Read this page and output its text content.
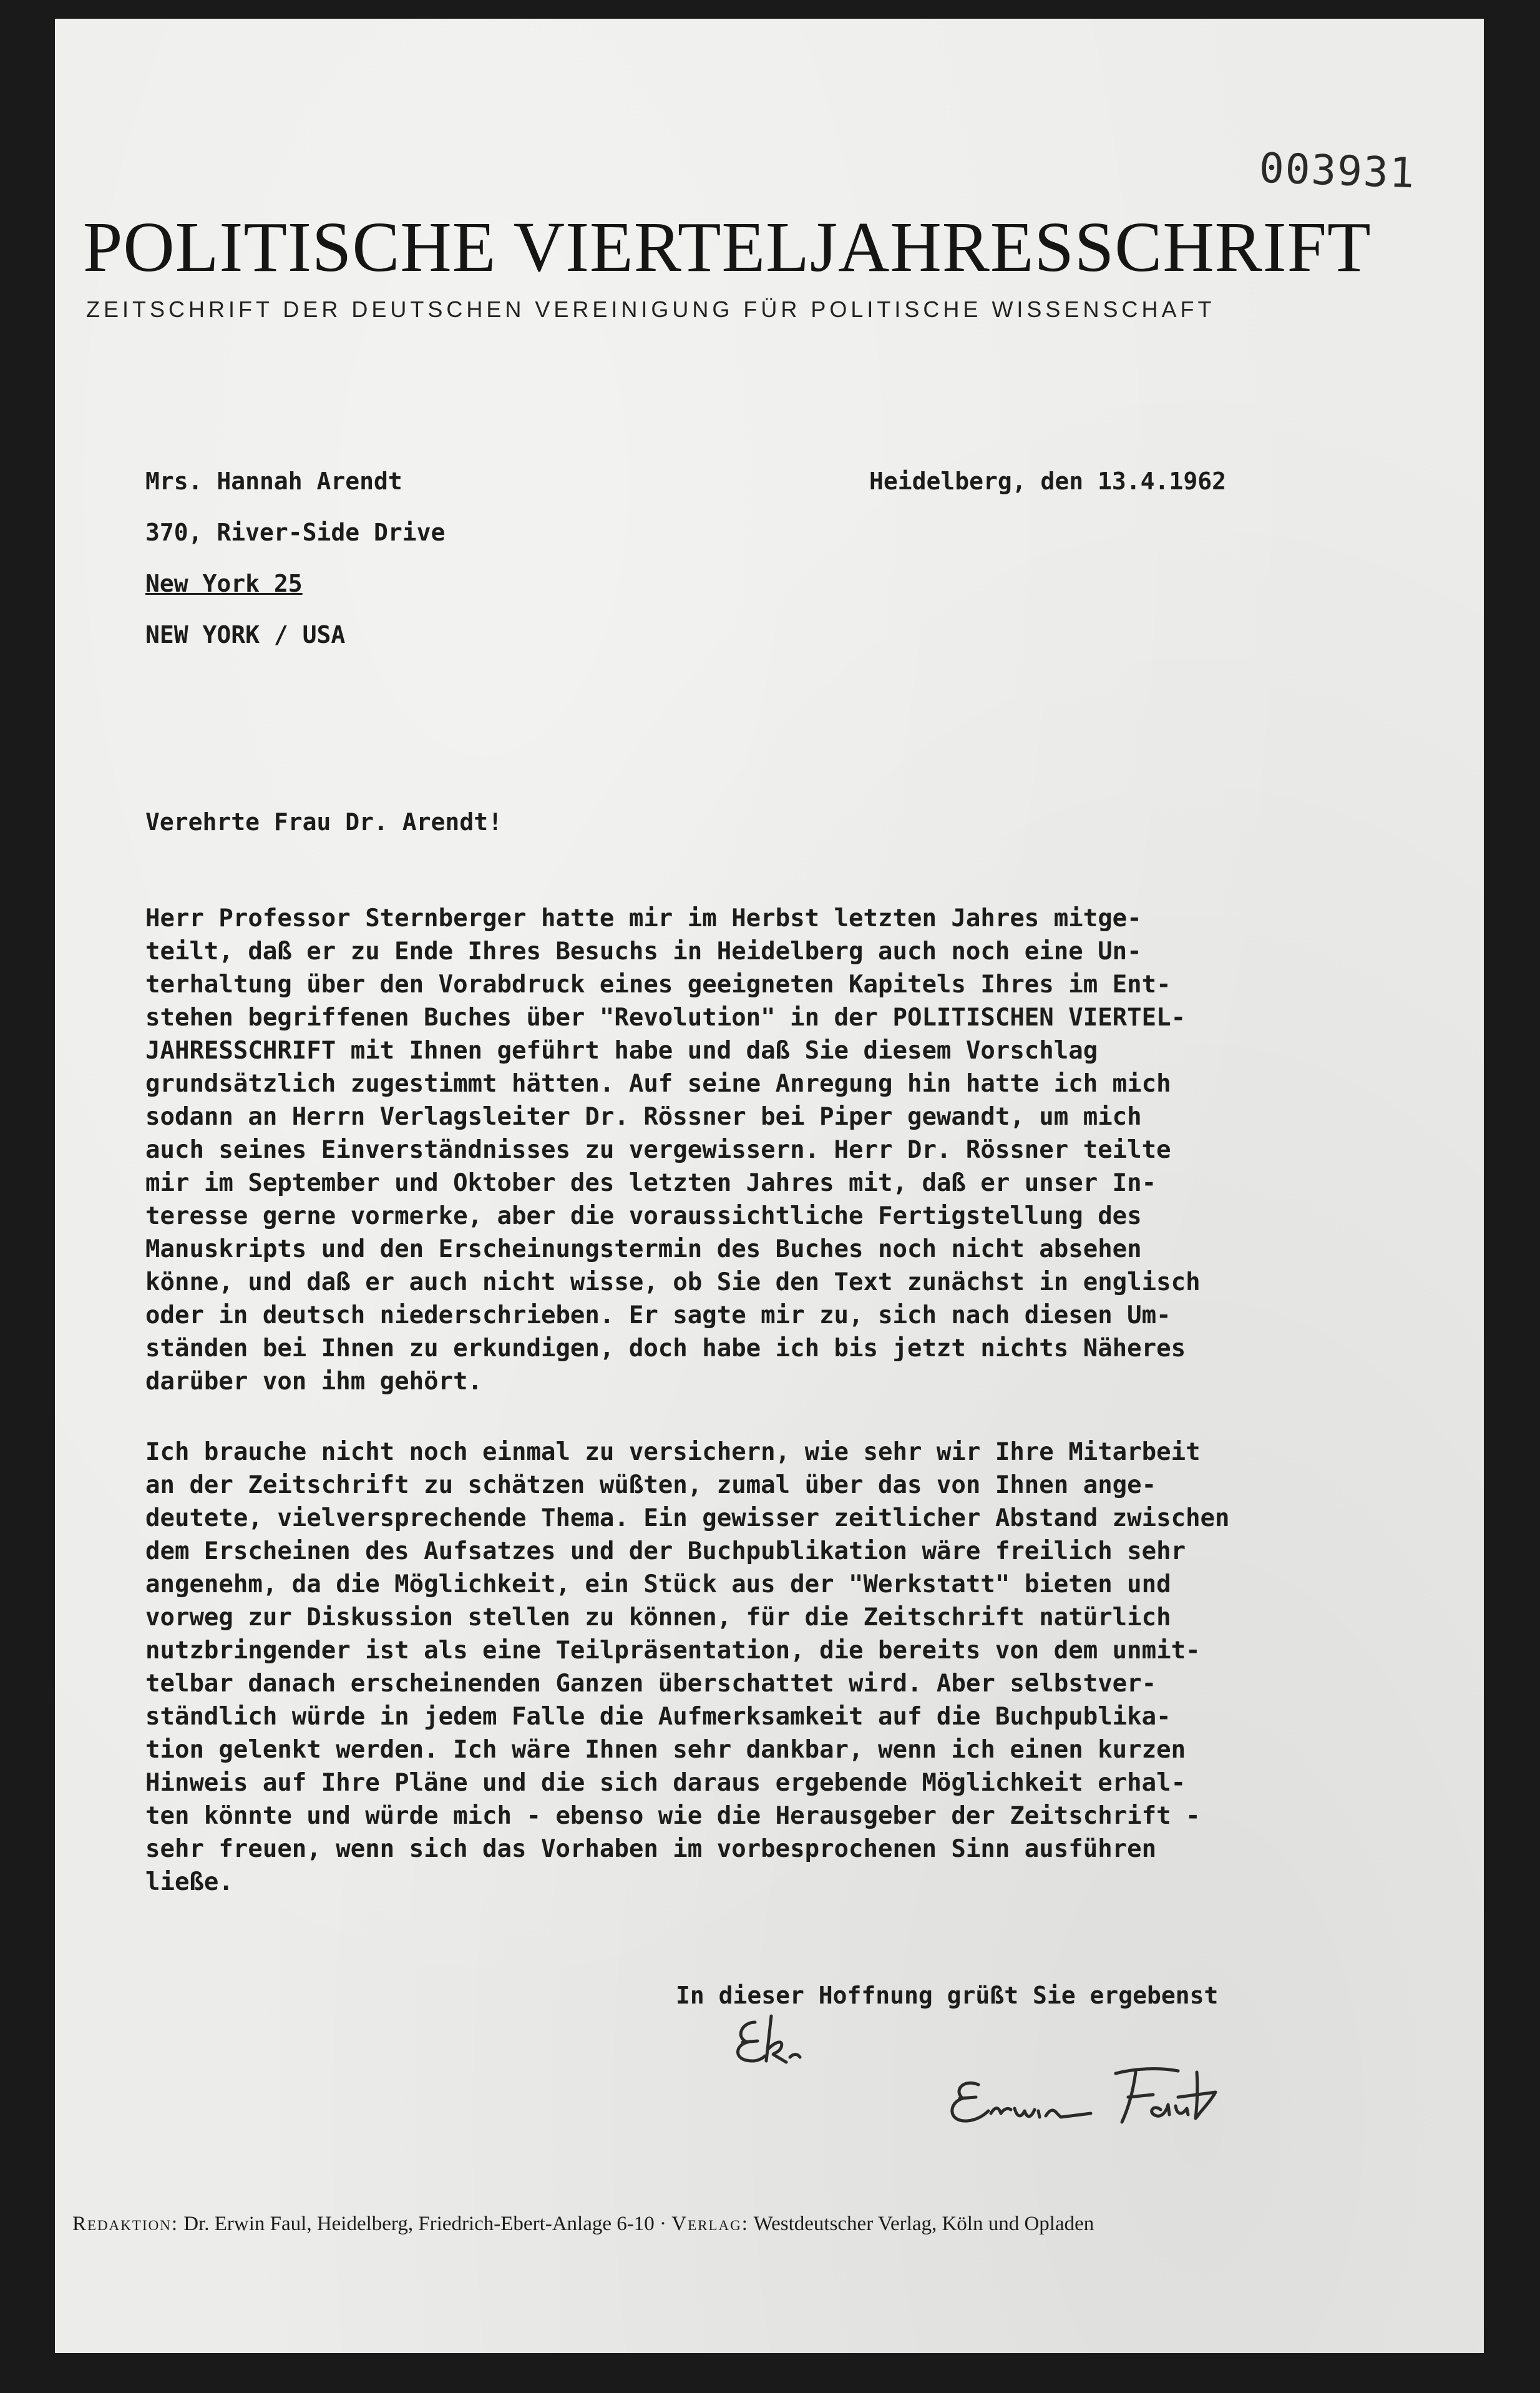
003931
POLITISCHE VIERTELJAHRESSCHRIFT
ZEITSCHRIFT DER DEUTSCHEN VEREINIGUNG FÜR POLITISCHE WISSENSCHAFT
Mrs. Hannah Arendt
370, River-Side Drive
New York 25
NEW YORK / USA
Heidelberg, den 13.4.1962
Verehrte Frau Dr. Arendt!
Herr Professor Sternberger hatte mir im Herbst letzten Jahres mitge-
teilt, daß er zu Ende Ihres Besuchs in Heidelberg auch noch eine Un-
terhaltung über den Vorabdruck eines geeigneten Kapitels Ihres im Ent-
stehen begriffenen Buches über "Revolution" in der POLITISCHEN VIERTEL-
JAHRESSCHRIFT mit Ihnen geführt habe und daß Sie diesem Vorschlag
grundsätzlich zugestimmt hätten. Auf seine Anregung hin hatte ich mich
sodann an Herrn Verlagsleiter Dr. Rössner bei Piper gewandt, um mich
auch seines Einverständnisses zu vergewissern. Herr Dr. Rössner teilte
mir im September und Oktober des letzten Jahres mit, daß er unser In-
teresse gerne vormerke, aber die voraussichtliche Fertigstellung des
Manuskripts und den Erscheinungstermin des Buches noch nicht absehen
könne, und daß er auch nicht wisse, ob Sie den Text zunächst in englisch
oder in deutsch niederschrieben. Er sagte mir zu, sich nach diesen Um-
ständen bei Ihnen zu erkundigen, doch habe ich bis jetzt nichts Näheres
darüber von ihm gehört.
Ich brauche nicht noch einmal zu versichern, wie sehr wir Ihre Mitarbeit
an der Zeitschrift zu schätzen wüßten, zumal über das von Ihnen ange-
deutete, vielversprechende Thema. Ein gewisser zeitlicher Abstand zwischen
dem Erscheinen des Aufsatzes und der Buchpublikation wäre freilich sehr
angenehm, da die Möglichkeit, ein Stück aus der "Werkstatt" bieten und
vorweg zur Diskussion stellen zu können, für die Zeitschrift natürlich
nutzbringender ist als eine Teilpräsentation, die bereits von dem unmit-
telbar danach erscheinenden Ganzen überschattet wird. Aber selbstver-
ständlich würde in jedem Falle die Aufmerksamkeit auf die Buchpublika-
tion gelenkt werden. Ich wäre Ihnen sehr dankbar, wenn ich einen kurzen
Hinweis auf Ihre Pläne und die sich daraus ergebende Möglichkeit erhal-
ten könnte und würde mich - ebenso wie die Herausgeber der Zeitschrift -
sehr freuen, wenn sich das Vorhaben im vorbesprochenen Sinn ausführen
ließe.
In dieser Hoffnung grüßt Sie ergebenst
Redaktion: Dr. Erwin Faul, Heidelberg, Friedrich-Ebert-Anlage 6-10 · Verlag: Westdeutscher Verlag, Köln und Opladen
